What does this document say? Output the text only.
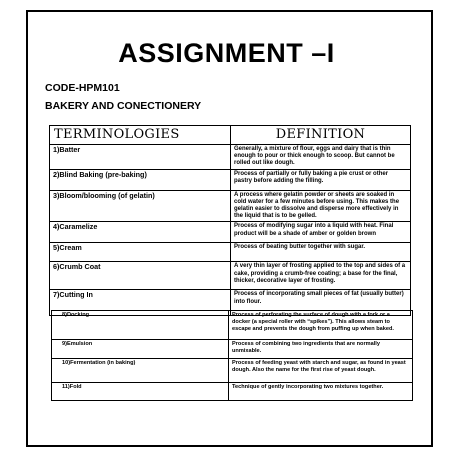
ASSIGNMENT –I
CODE-HPM101
BAKERY AND CONECTIONERY
TERMINOLOGIES	DEFINITION
1)Batter	Generally, a mixture of flour, eggs and dairy that is thin enough to pour or thick enough to scoop. But cannot be rolled out like dough.
2)Blind Baking (pre-baking)	Process of partially or fully baking a pie crust or other pastry before adding the filling.
3)Bloom/blooming (of gelatin)	A process where gelatin powder or sheets are soaked in cold water for a few minutes before using. This makes the gelatin easier to dissolve and disperse more effectively in the liquid that is to be gelled.
4)Caramelize	Process of modifying sugar into a liquid with heat. Final product will be a shade of amber or golden brown
5)Cream	Process of beating butter together with sugar.
6)Crumb Coat	A very thin layer of frosting applied to the top and sides of a cake, providing a crumb-free coating; a base for the final, thicker, decorative layer of frosting.
7)Cutting In	Process of incorporating small pieces of fat (usually butter) into flour.
8)Docking	Process of perforating the surface of dough with a fork or a docker (a special roller with “spikes”). This allows steam to escape and prevents the dough from puffing up when baked.
9)Emulsion	Process of combining two ingredients that are normally unmixable.
10)Fermentation (in baking)	Process of feeding yeast with starch and sugar, as found in yeast dough. Also the name for the first rise of yeast dough.
11)Fold	Technique of gently incorporating two mixtures together.
